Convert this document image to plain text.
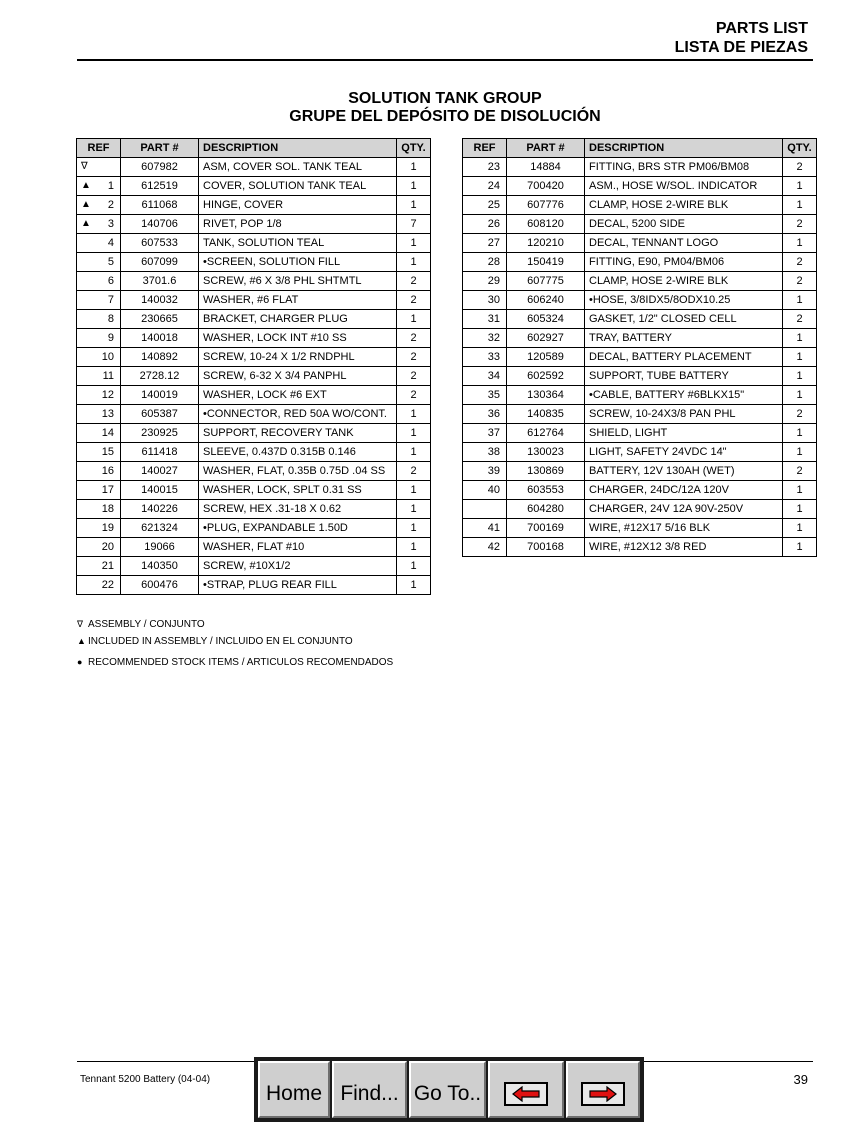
PARTS LIST
LISTA DE PIEZAS
SOLUTION TANK GROUP
GRUPE DEL DEPÓSITO DE DISOLUCIÓN
REF	PART #	DESCRIPTION	QTY.

∇	607982	ASM, COVER SOL. TANK TEAL	1

▲ 1	612519	COVER, SOLUTION TANK TEAL	1

▲ 2	611068	HINGE, COVER	1

▲ 3	140706	RIVET, POP 1/8	7
4	607533	TANK, SOLUTION TEAL	1
5	607099	•SCREEN, SOLUTION FILL	1
6	3701.6	SCREW, #6 X 3/8 PHL SHTMTL	2
7	140032	WASHER, #6 FLAT	2
8	230665	BRACKET, CHARGER PLUG	1
9	140018	WASHER, LOCK INT #10 SS	2
10	140892	SCREW, 10-24 X 1/2 RNDPHL	2
11	2728.12	SCREW, 6-32 X 3/4 PANPHL	2
12	140019	WASHER, LOCK #6 EXT	2
13	605387	•CONNECTOR, RED 50A WO/CONT.	1
14	230925	SUPPORT, RECOVERY TANK	1
15	611418	SLEEVE, 0.437D 0.315B 0.146	1
16	140027	WASHER, FLAT, 0.35B 0.75D .04 SS	2
17	140015	WASHER, LOCK, SPLT 0.31 SS	1
18	140226	SCREW, HEX .31-18 X 0.62	1
19	621324	•PLUG, EXPANDABLE 1.50D	1
20	19066	WASHER, FLAT #10	1
21	140350	SCREW, #10X1/2	1
22	600476	•STRAP, PLUG REAR FILL	1
REF	PART #	DESCRIPTION	QTY.
23	14884	FITTING, BRS STR PM06/BM08	2
24	700420	ASM., HOSE W/SOL. INDICATOR	1
25	607776	CLAMP, HOSE 2-WIRE BLK	1
26	608120	DECAL, 5200 SIDE	2
27	120210	DECAL, TENNANT LOGO	1
28	150419	FITTING, E90, PM04/BM06	2
29	607775	CLAMP, HOSE 2-WIRE BLK	2
30	606240	•HOSE, 3/8IDX5/8ODX10.25	1
31	605324	GASKET, 1/2" CLOSED CELL	2
32	602927	TRAY, BATTERY	1
33	120589	DECAL, BATTERY PLACEMENT	1
34	602592	SUPPORT, TUBE BATTERY	1
35	130364	•CABLE, BATTERY #6BLKX15"	1
36	140835	SCREW, 10-24X3/8 PAN PHL	2
37	612764	SHIELD, LIGHT	1
38	130023	LIGHT, SAFETY 24VDC 14"	1
39	130869	BATTERY, 12V 130AH (WET)	2
40	603553	CHARGER, 24DC/12A 120V	1
	604280	CHARGER, 24V 12A 90V-250V	1
41	700169	WIRE, #12X17 5/16 BLK	1
42	700168	WIRE, #12X12 3/8 RED	1
∇ ASSEMBLY / CONJUNTO
▲ INCLUDED IN ASSEMBLY / INCLUIDO EN EL CONJUNTO
● RECOMMENDED STOCK ITEMS / ARTICULOS RECOMENDADOS
Tennant 5200 Battery (04-04)	39
Home Find... Go To..
